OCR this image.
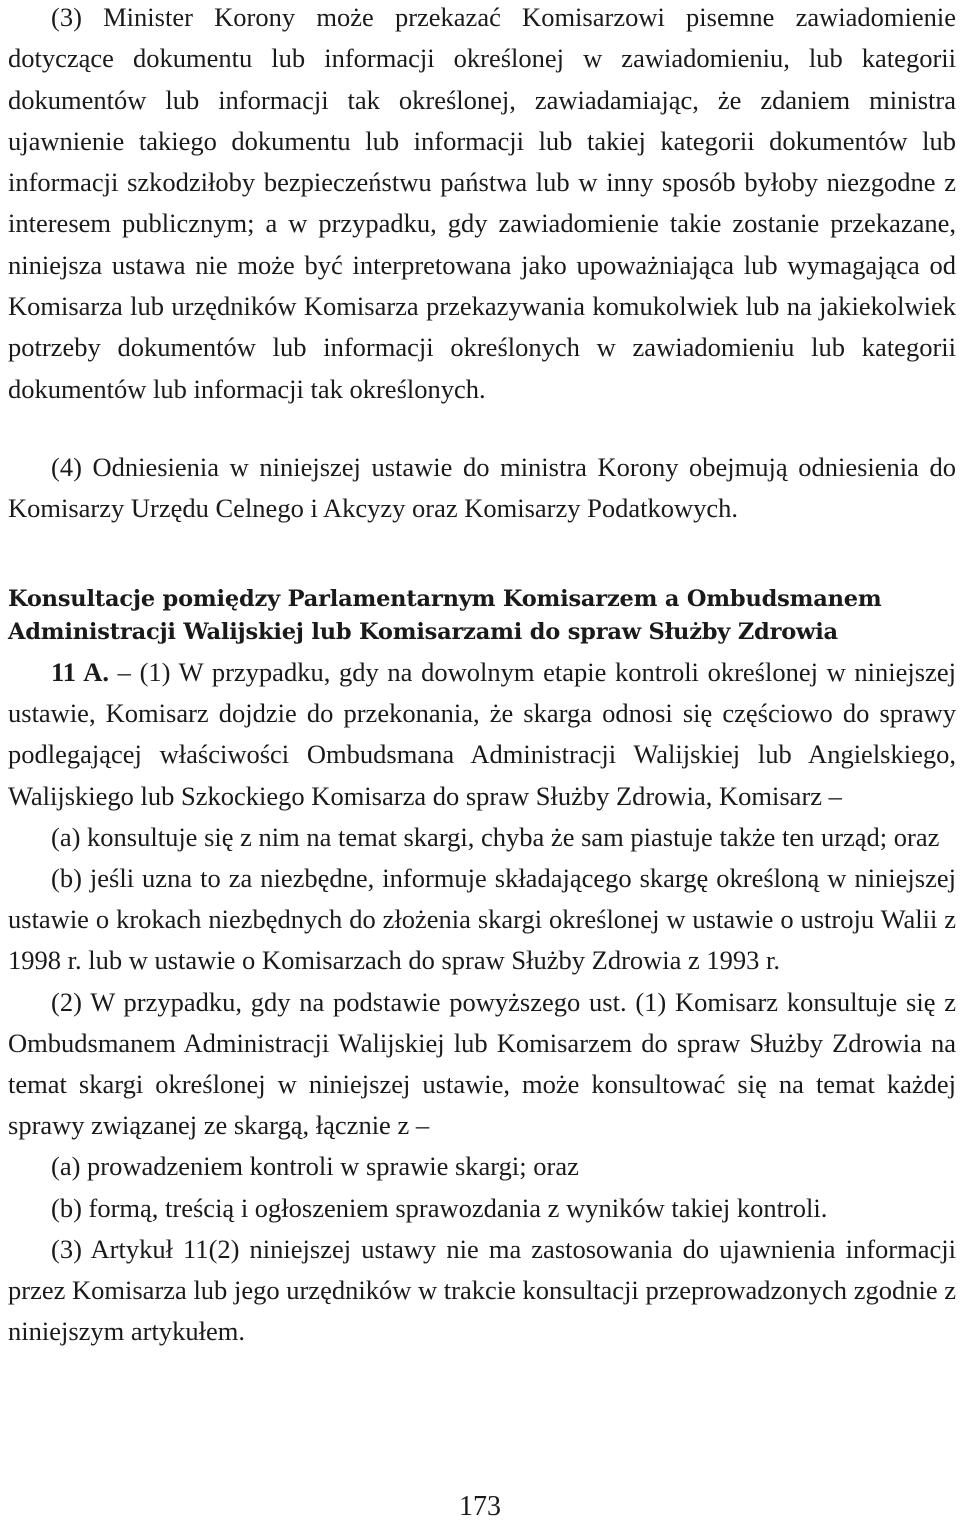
(3) Minister Korony może przekazać Komisarzowi pisemne zawiadomienie dotyczące dokumentu lub informacji określonej w zawiadomieniu, lub kategorii dokumentów lub informacji tak określonej, zawiadamiając, że zdaniem ministra ujawnienie takiego dokumentu lub informacji lub takiej kategorii dokumentów lub informacji szkodziłoby bezpieczeństwu państwa lub w inny sposób byłoby niezgodne z interesem publicznym; a w przypadku, gdy zawiadomienie takie zostanie przekazane, niniejsza ustawa nie może być interpretowana jako upoważniająca lub wymagająca od Komisarza lub urzędników Komisarza przekazywania komukolwiek lub na jakiekolwiek potrzeby dokumentów lub informacji określonych w zawiadomieniu lub kategorii dokumentów lub informacji tak określonych.

(4) Odniesienia w niniejszej ustawie do ministra Korony obejmują odniesienia do Komisarzy Urzędu Celnego i Akcyzy oraz Komisarzy Podatkowych.

Konsultacje pomiędzy Parlamentarnym Komisarzem a Ombudsmanem Administracji Walijskiej lub Komisarzami do spraw Służby Zdrowia

11 A. – (1) W przypadku, gdy na dowolnym etapie kontroli określonej w niniejszej ustawie, Komisarz dojdzie do przekonania, że skarga odnosi się częściowo do sprawy podlegającej właściwości Ombudsmana Administracji Walijskiej lub Angielskiego, Walijskiego lub Szkockiego Komisarza do spraw Służby Zdrowia, Komisarz –

(a) konsultuje się z nim na temat skargi, chyba że sam piastuje także ten urząd; oraz

(b) jeśli uzna to za niezbędne, informuje składającego skargę określoną w niniejszej ustawie o krokach niezbędnych do złożenia skargi określonej w ustawie o ustroju Walii z 1998 r. lub w ustawie o Komisarzach do spraw Służby Zdrowia z 1993 r.

(2) W przypadku, gdy na podstawie powyższego ust. (1) Komisarz konsultuje się z Ombudsmanem Administracji Walijskiej lub Komisarzem do spraw Służby Zdrowia na temat skargi określonej w niniejszej ustawie, może konsultować się na temat każdej sprawy związanej ze skargą, łącznie z –

(a) prowadzeniem kontroli w sprawie skargi; oraz

(b) formą, treścią i ogłoszeniem sprawozdania z wyników takiej kontroli.

(3) Artykuł 11(2) niniejszej ustawy nie ma zastosowania do ujawnienia informacji przez Komisarza lub jego urzędników w trakcie konsultacji przeprowadzonych zgodnie z niniejszym artykułem.

173
